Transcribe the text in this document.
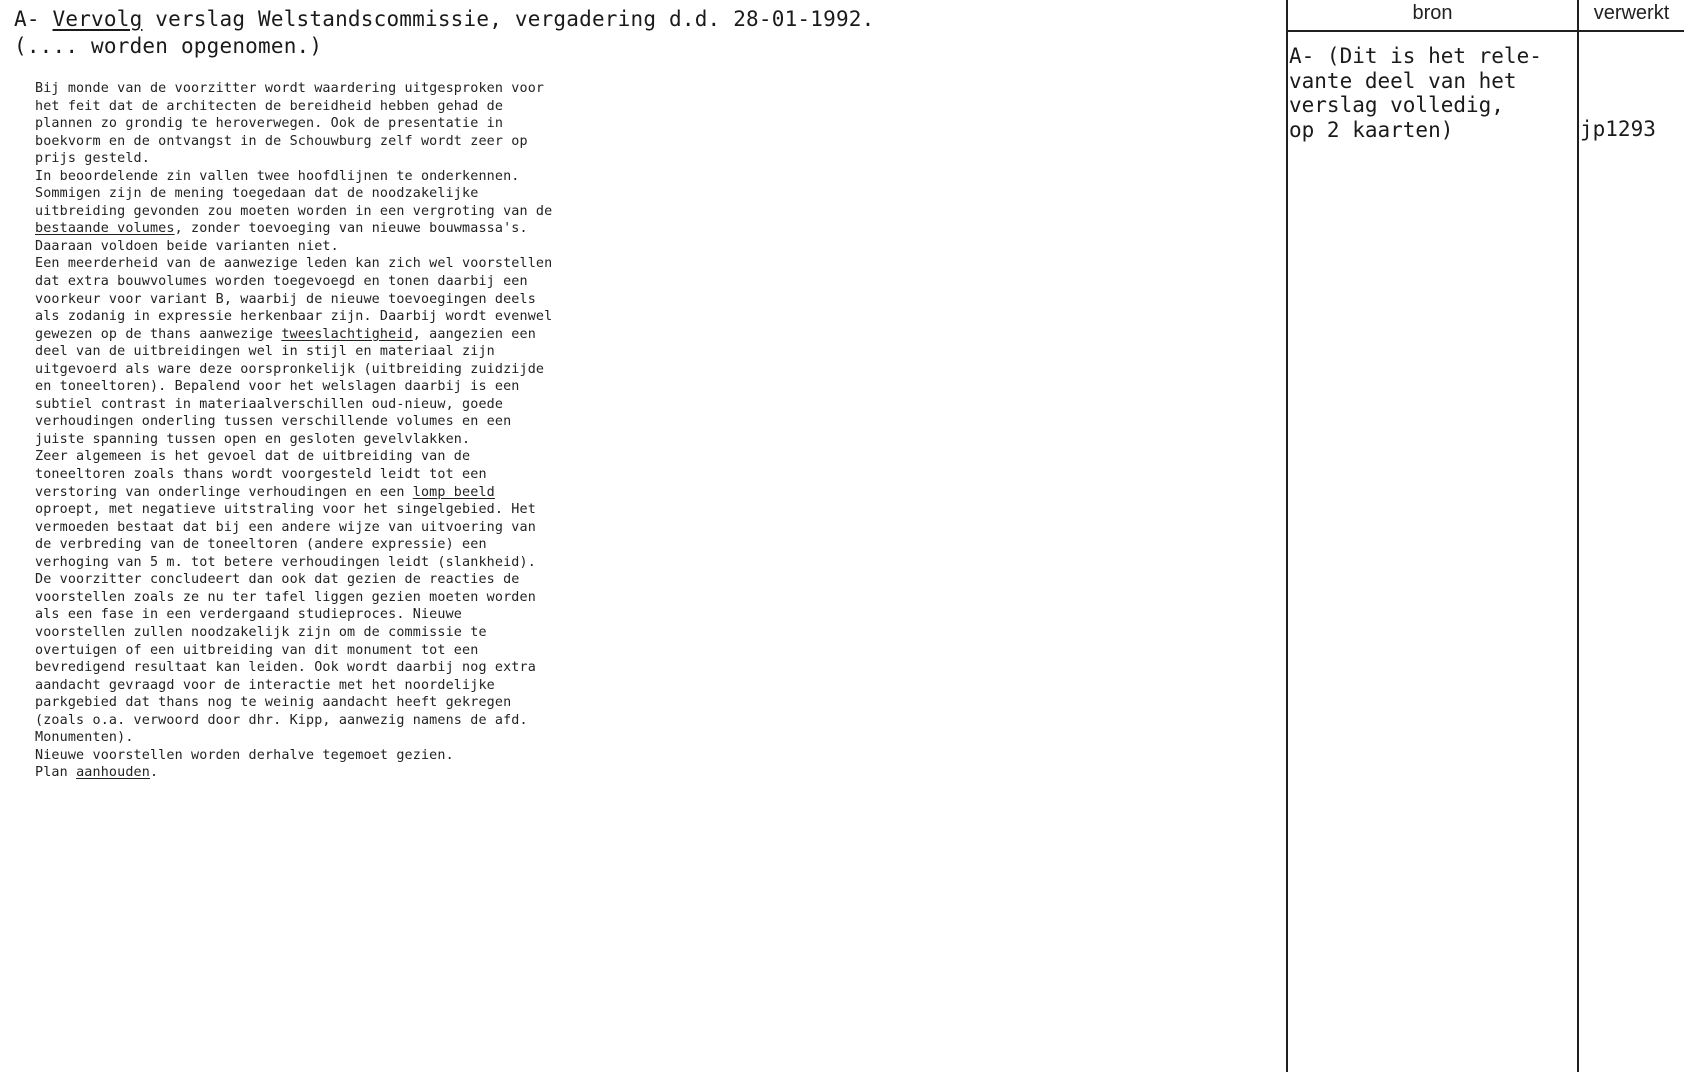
bron	verwerkt
A- Vervolg verslag Welstandscommissie, vergadering d.d. 28-01-1992.
(.... worden opgenomen.)
Bij monde van de voorzitter wordt waardering uitgesproken voor
het feit dat de architecten de bereidheid hebben gehad de
plannen zo grondig te heroverwegen. Ook de presentatie in
boekvorm en de ontvangst in de Schouwburg zelf wordt zeer op
prijs gesteld.
In beoordelende zin vallen twee hoofdlijnen te onderkennen.
Sommigen zijn de mening toegedaan dat de noodzakelijke
uitbreiding gevonden zou moeten worden in een vergroting van de
bestaande volumes, zonder toevoeging van nieuwe bouwmassa's.
Daaraan voldoen beide varianten niet.
Een meerderheid van de aanwezige leden kan zich wel voorstellen
dat extra bouwvolumes worden toegevoegd en tonen daarbij een
voorkeur voor variant B, waarbij de nieuwe toevoegingen deels
als zodanig in expressie herkenbaar zijn. Daarbij wordt evenwel
gewezen op de thans aanwezige tweeslachtigheid, aangezien een
deel van de uitbreidingen wel in stijl en materiaal zijn
uitgevoerd als ware deze oorspronkelijk (uitbreiding zuidzijde
en toneeltoren). Bepalend voor het welslagen daarbij is een
subtiel contrast in materiaalverschillen oud-nieuw, goede
verhoudingen onderling tussen verschillende volumes en een
juiste spanning tussen open en gesloten gevelvlakken.
Zeer algemeen is het gevoel dat de uitbreiding van de
toneeltoren zoals thans wordt voorgesteld leidt tot een
verstoring van onderlinge verhoudingen en een lomp beeld
oproept, met negatieve uitstraling voor het singelgebied. Het
vermoeden bestaat dat bij een andere wijze van uitvoering van
de verbreding van de toneeltoren (andere expressie) een
verhoging van 5 m. tot betere verhoudingen leidt (slankheid).
De voorzitter concludeert dan ook dat gezien de reacties de
voorstellen zoals ze nu ter tafel liggen gezien moeten worden
als een fase in een verdergaand studieproces. Nieuwe
voorstellen zullen noodzakelijk zijn om de commissie te
overtuigen of een uitbreiding van dit monument tot een
bevredigend resultaat kan leiden. Ook wordt daarbij nog extra
aandacht gevraagd voor de interactie met het noordelijke
parkgebied dat thans nog te weinig aandacht heeft gekregen
(zoals o.a. verwoord door dhr. Kipp, aanwezig namens de afd.
Monumenten).
Nieuwe voorstellen worden derhalve tegemoet gezien.
Plan aanhouden.
A- (Dit is het rele-
vante deel van het
verslag volledig,
op 2 kaarten)	jp1293
